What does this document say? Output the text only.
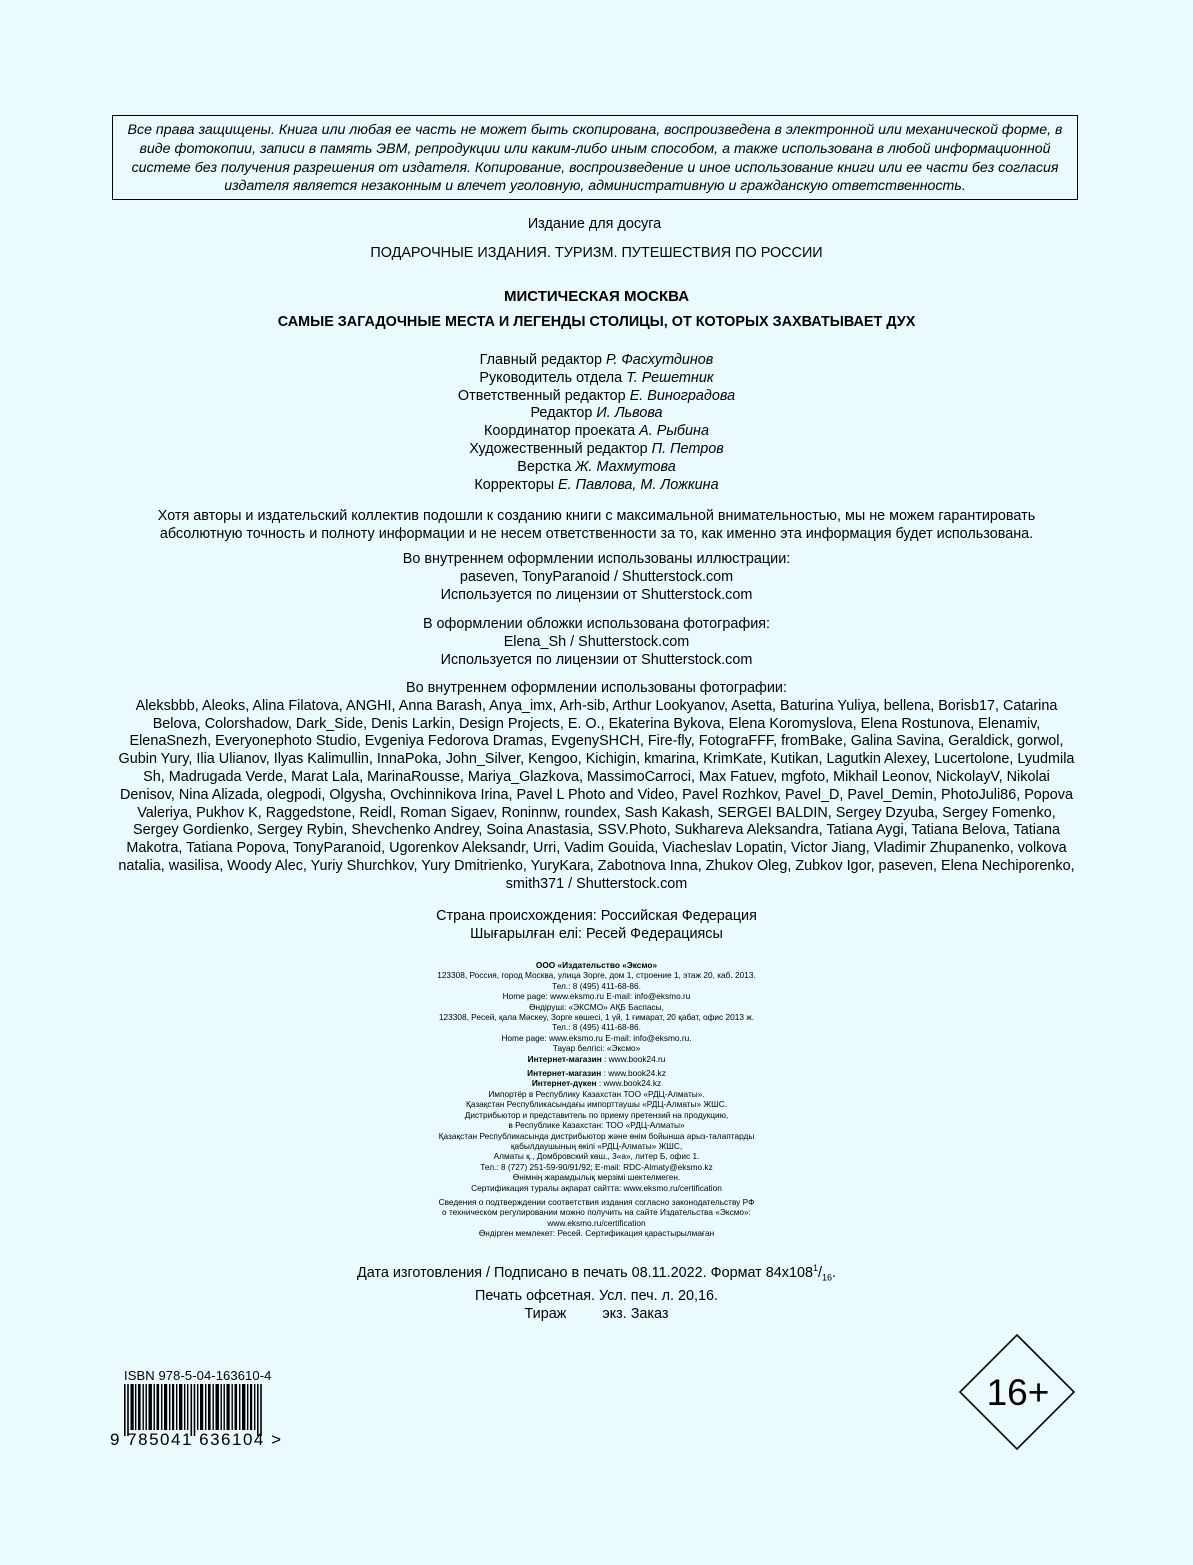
Все права защищены. Книга или любая ее часть не может быть скопирована, воспроизведена в электронной или механической форме, в виде фотокопии, записи в память ЭВМ, репродукции или каким-либо иным способом, а также использована в любой информационной системе без получения разрешения от издателя. Копирование, воспроизведение и иное использование книги или ее части без согласия издателя является незаконным и влечет уголовную, административную и гражданскую ответственность.
Издание для досуга
ПОДАРОЧНЫЕ ИЗДАНИЯ. ТУРИЗМ. ПУТЕШЕСТВИЯ ПО РОССИИ
МИСТИЧЕСКАЯ МОСКВА
САМЫЕ ЗАГАДОЧНЫЕ МЕСТА И ЛЕГЕНДЫ СТОЛИЦЫ, ОТ КОТОРЫХ ЗАХВАТЫВАЕТ ДУХ
Главный редактор Р. Фасхутдинов
Руководитель отдела Т. Решетник
Ответственный редактор Е. Виноградова
Редактор И. Львова
Координатор проеката А. Рыбина
Художественный редактор П. Петров
Верстка Ж. Махмутова
Корректоры Е. Павлова, М. Ложкина
Хотя авторы и издательский коллектив подошли к созданию книги с максимальной внимательностью, мы не можем гарантировать
абсолютную точность и полноту информации и не несем ответственности за то, как именно эта информация будет использована.
Во внутреннем оформлении использованы иллюстрации:
paseven, TonyParanoid / Shutterstock.com
Используется по лицензии от Shutterstock.com
В оформлении обложки использована фотография:
Elena_Sh / Shutterstock.com
Используется по лицензии от Shutterstock.com
Во внутреннем оформлении использованы фотографии:
Aleksbbb, Aleoks, Alina Filatova, ANGHI, Anna Barash, Anya_imx, Arh-sib, Arthur Lookyanov, Asetta, Baturina Yuliya, bellena, Borisb17, Catarina Belova, Colorshadow, Dark_Side, Denis Larkin, Design Projects, E. O., Ekaterina Bykova, Elena Koromyslova, Elena Rostunova, Elenamiv, ElenaSnezh, Everyonephoto Studio, Evgeniya Fedorova Dramas, EvgenySHCH, Fire-fly, FotograFFF, fromBake, Galina Savina, Geraldick, gorwol, Gubin Yury, Ilia Ulianov, Ilyas Kalimullin, InnaPoka, John_Silver, Kengoo, Kichigin, kmarina, KrimKate, Kutikan, Lagutkin Alexey, Lucertolone, Lyudmila Sh, Madrugada Verde, Marat Lala, MarinaRousse, Mariya_Glazkova, MassimoCarroci, Max Fatuev, mgfoto, Mikhail Leonov, NickolayV, Nikolai Denisov, Nina Alizada, olegpodi, Olgysha, Ovchinnikova Irina, Pavel L Photo and Video, Pavel Rozhkov, Pavel_D, Pavel_Demin, PhotoJuli86, Popova Valeriya, Pukhov K, Raggedstone, Reidl, Roman Sigaev, Roninnw, roundex, Sash Kakash, SERGEI BALDIN, Sergey Dzyuba, Sergey Fomenko, Sergey Gordienko, Sergey Rybin, Shevchenko Andrey, Soina Anastasia, SSV.Photo, Sukhareva Aleksandra, Tatiana Aygi, Tatiana Belova, Tatiana Makotra, Tatiana Popova, TonyParanoid, Ugorenkov Aleksandr, Urri, Vadim Gouida, Viacheslav Lopatin, Victor Jiang, Vladimir Zhupanenko, volkova natalia, wasilisa, Woody Alec, Yuriy Shurchkov, Yury Dmitrienko, YuryKara, Zabotnova Inna, Zhukov Oleg, Zubkov Igor, paseven, Elena Nechiporenko, smith371 / Shutterstock.com
Страна происхождения: Российская Федерация
Шығарылған елі: Ресей Федерациясы
ООО «Издательство «Эксмо»
123308, Россия, город Москва, улица Зорге, дом 1, строение 1, этаж 20, каб. 2013.
Тел.: 8 (495) 411-68-86.
Home page: www.eksmo.ru E-mail: info@eksmo.ru
Өндіруші: «ЭКСМО» АҚБ Баспасы,
123308, Ресей, қала Мәскеу, Зорге көшесі, 1 үй, 1 ғимарат, 20 қабат, офис 2013 ж.
Тел.: 8 (495) 411-68-86.
Home page: www.eksmo.ru E-mail: info@eksmo.ru.
Тауар белгісі: «Эксмо»
Интернет-магазин : www.book24.ru
Интернет-магазин : www.book24.kz
Интернет-дүкен : www.book24.kz
Импортёр в Республику Казахстан ТОО «РДЦ-Алматы».
Қазақстан Республикасындағы импорттаушы «РДЦ-Алматы» ЖШС.
Дистрибьютор и представитель по приему претензий на продукцию,
в Республике Казахстан: ТОО «РДЦ-Алматы»
Қазақстан Республикасында дистрибьютор және өнім бойынша арыз-талаптарды
қабылдаушының өкілі «РДЦ-Алматы» ЖШС,
Алматы қ., Домбровский көш., 3«а», литер Б, офис 1.
Тел.: 8 (727) 251-59-90/91/92; E-mail: RDC-Almaty@eksmo.kz
Өнімнің жарамдылық мерзімі шектелмеген.
Сертификация туралы ақпарат сайтта: www.eksmo.ru/certification
Сведения о подтверждении соответствия издания согласно законодательству РФ
о техническом регулировании можно получить на сайте Издательства «Эксмо»:
www.eksmo.ru/certification
Өндірген мемлекет: Ресей. Сертификация қарастырылмаған
Дата изготовления / Подписано в печать 08.11.2022. Формат $84x108^1/_{16}$.
Печать офсетная. Усл. печ. л. 20,16.
Тираж         экз. Заказ
ISBN 978-5-04-163610-4
9 785041 636104 >
16+
